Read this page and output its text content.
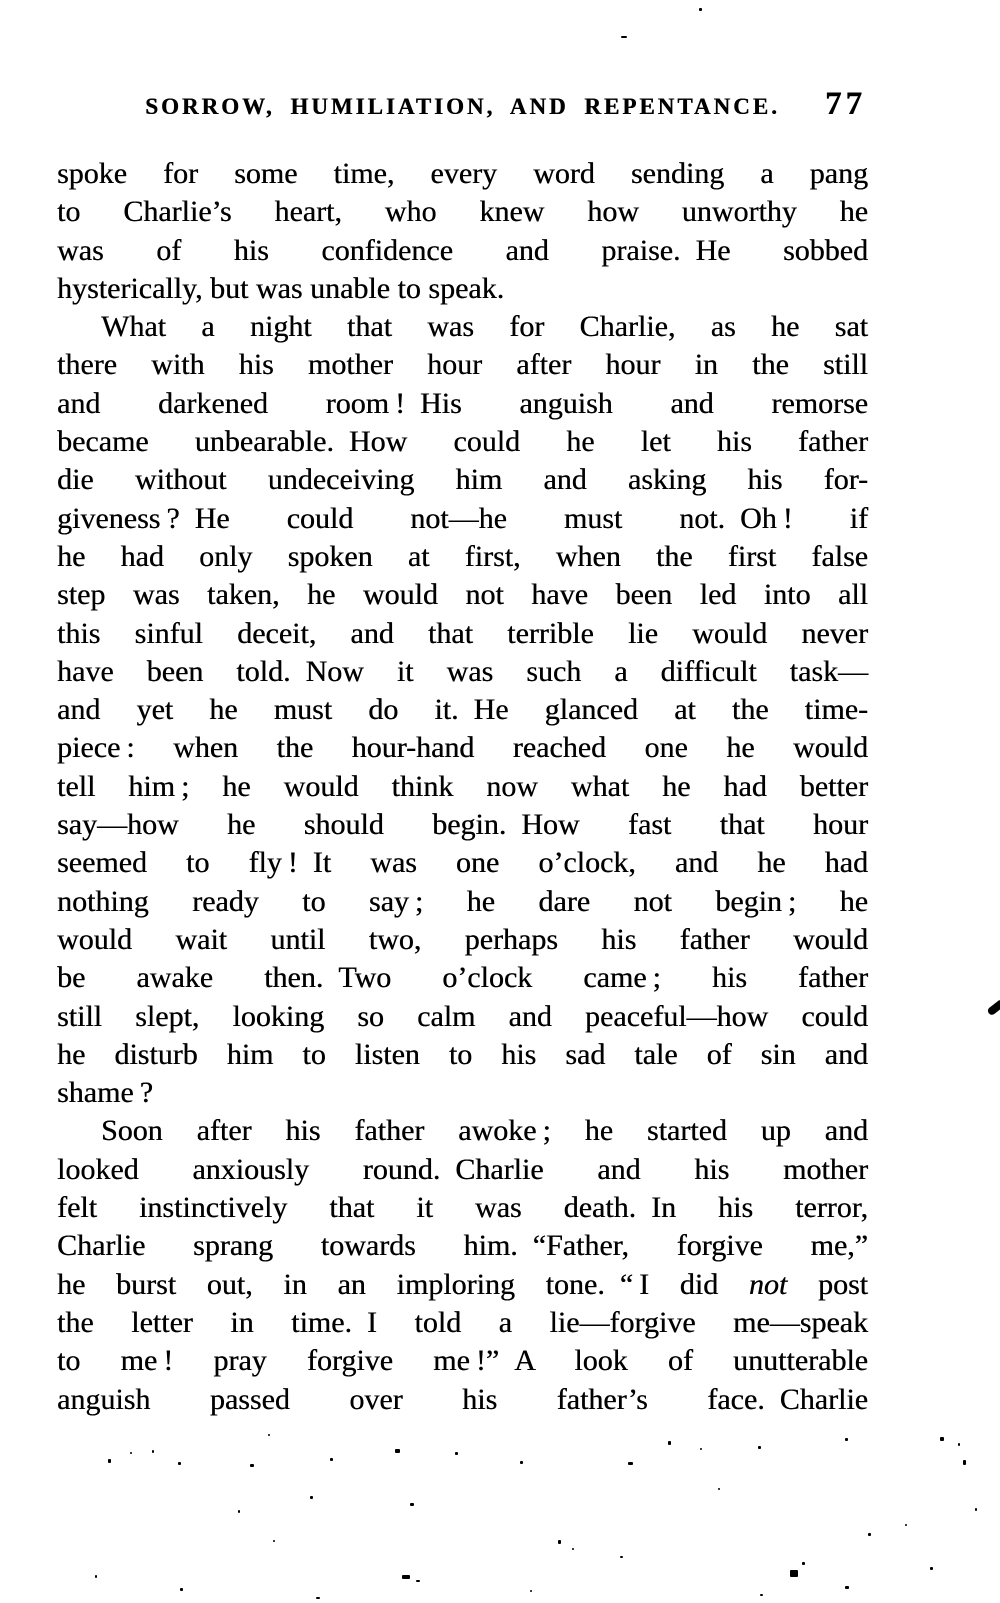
SORROW, HUMILIATION, AND REPENTANCE.	77
spoke for some time, every word sending a pang
to Charlie’s heart, who knew how unworthy he
was of his confidence and praise. He sobbed
hysterically, but was unable to speak.
What a night that was for Charlie, as he sat
there with his mother hour after hour in the still
and darkened room ! His anguish and remorse
became unbearable. How could he let his father
die without undeceiving him and asking his for-
giveness ? He could not—he must not. Oh ! if
he had only spoken at first, when the first false
step was taken, he would not have been led into all
this sinful deceit, and that terrible lie would never
have been told. Now it was such a difficult task—
and yet he must do it. He glanced at the time-
piece : when the hour-hand reached one he would
tell him ; he would think now what he had better
say—how he should begin. How fast that hour
seemed to fly ! It was one o’clock, and he had
nothing ready to say ; he dare not begin ; he
would wait until two, perhaps his father would
be awake then. Two o’clock came ; his father
still slept, looking so calm and peaceful—how could
he disturb him to listen to his sad tale of sin and
shame ?
Soon after his father awoke ; he started up and
looked anxiously round. Charlie and his mother
felt instinctively that it was death. In his terror,
Charlie sprang towards him. “Father, forgive me,”
he burst out, in an imploring tone. “ I did not post
the letter in time. I told a lie—forgive me—speak
to me ! pray forgive me !” A look of unutterable
anguish passed over his father’s face. Charlie
